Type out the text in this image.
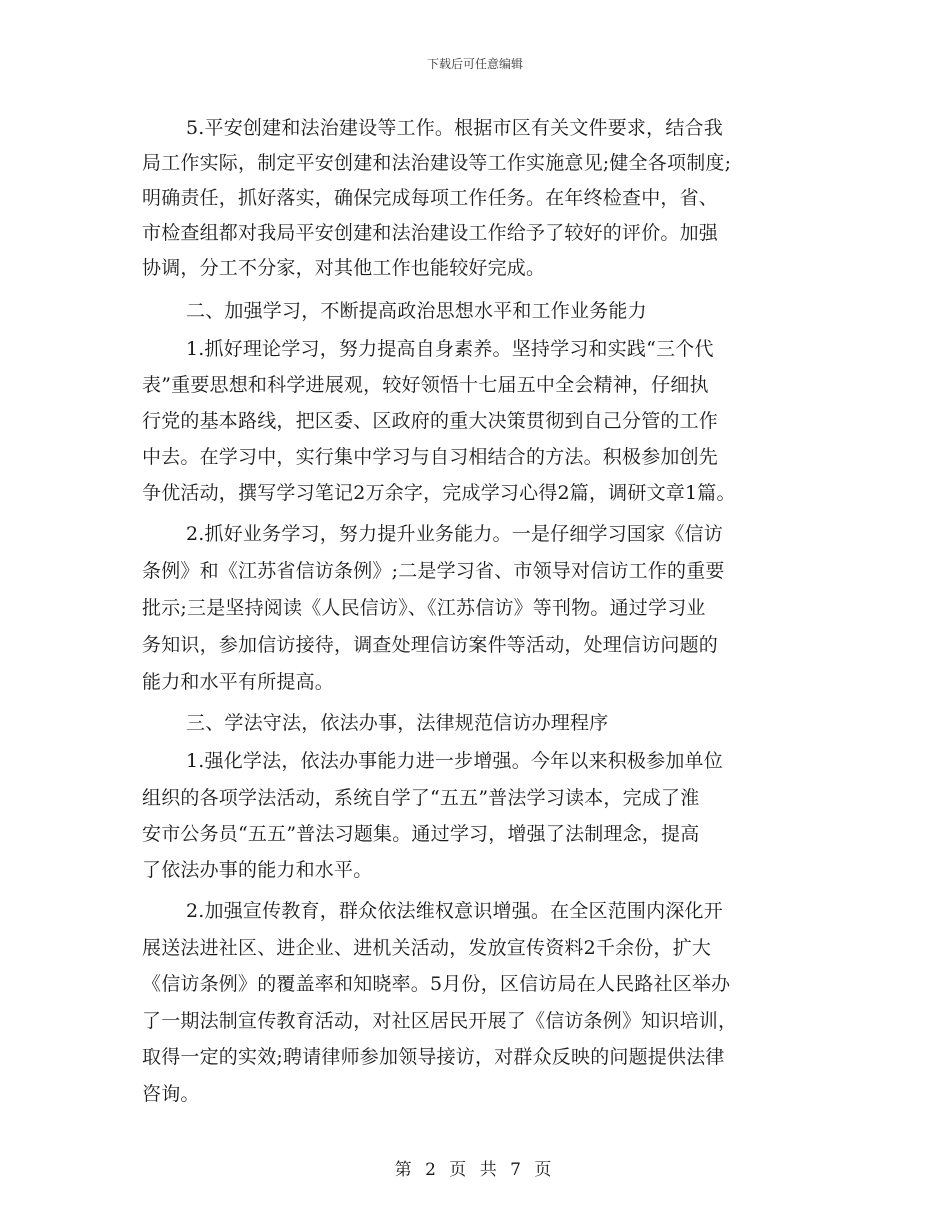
下载后可任意编辑
5.平安创建和法治建设等工作。根据市区有关文件要求，结合我
局工作实际，制定平安创建和法治建设等工作实施意见;健全各项制度;
明确责任，抓好落实，确保完成每项工作任务。在年终检查中，省、
市检查组都对我局平安创建和法治建设工作给予了较好的评价。加强
协调，分工不分家，对其他工作也能较好完成。
二、加强学习，不断提高政治思想水平和工作业务能力
1.抓好理论学习，努力提高自身素养。坚持学习和实践“三个代
表”重要思想和科学进展观，较好领悟十七届五中全会精神，仔细执
行党的基本路线，把区委、区政府的重大决策贯彻到自己分管的工作
中去。在学习中，实行集中学习与自习相结合的方法。积极参加创先
争优活动，撰写学习笔记2万余字，完成学习心得2篇，调研文章1篇。
2.抓好业务学习，努力提升业务能力。一是仔细学习国家《信访
条例》和《江苏省信访条例》;二是学习省、市领导对信访工作的重要
批示;三是坚持阅读《人民信访》、《江苏信访》等刊物。通过学习业
务知识，参加信访接待，调查处理信访案件等活动，处理信访问题的
能力和水平有所提高。
三、学法守法，依法办事，法律规范信访办理程序
1.强化学法，依法办事能力进一步增强。今年以来积极参加单位
组织的各项学法活动，系统自学了“五五”普法学习读本，完成了淮
安市公务员“五五”普法习题集。通过学习，增强了法制理念，提高
了依法办事的能力和水平。
2.加强宣传教育，群众依法维权意识增强。在全区范围内深化开
展送法进社区、进企业、进机关活动，发放宣传资料2千余份，扩大
《信访条例》的覆盖率和知晓率。5月份，区信访局在人民路社区举办
了一期法制宣传教育活动，对社区居民开展了《信访条例》知识培训，
取得一定的实效;聘请律师参加领导接访，对群众反映的问题提供法律
咨询。
第 2 页 共 7 页
